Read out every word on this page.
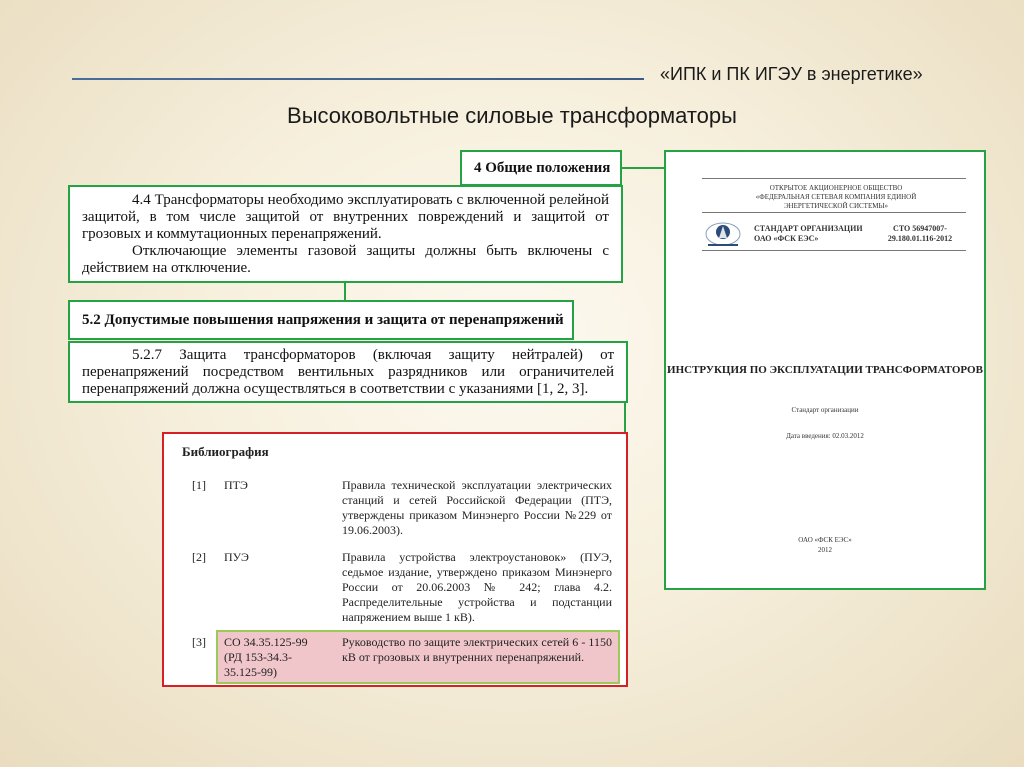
«ИПК и ПК ИГЭУ в энергетике»
Высоковольтные силовые трансформаторы
4 Общие положения
4.4 Трансформаторы необходимо эксплуатировать с включенной релейной защитой, в том числе защитой от внутренних повреждений и защитой от грозовых и коммутационных перенапряжений.
Отключающие элементы газовой защиты должны быть включены с действием на отключение.
5.2 Допустимые повышения напряжения и защита от перенапряжений
5.2.7 Защита трансформаторов (включая защиту нейтралей) от перенапряжений посредством вентильных разрядников или ограничителей перенапряжений должна осуществляться в соответствии с указаниями [1, 2, 3].
Библиография
[1] ПТЭ	Правила технической эксплуатации электрических станций и сетей Российской Федерации (ПТЭ, утверждены приказом Минэнерго России №229 от 19.06.2003).
[2] ПУЭ	Правила устройства электроустановок» (ПУЭ, седьмое издание, утверждено приказом Минэнерго России от 20.06.2003 № 242; глава 4.2. Распределительные устройства и подстанции напряжением выше 1 кВ).
[3] СО 34.35.125-99 (РД 153-34.3-35.125-99)
Руководство по защите электрических сетей 6 - 1150 кВ от грозовых и внутренних перенапряжений.
ОТКРЫТОЕ АКЦИОНЕРНОЕ ОБЩЕСТВО «ФЕДЕРАЛЬНАЯ СЕТЕВАЯ КОМПАНИЯ ЕДИНОЙ ЭНЕРГЕТИЧЕСКОЙ СИСТЕМЫ»
СТАНДАРТ ОРГАНИЗАЦИИ ОАО «ФСК ЕЭС»
СТО 56947007- 29.180.01.116-2012
ИНСТРУКЦИЯ ПО ЭКСПЛУАТАЦИИ ТРАНСФОРМАТОРОВ
Стандарт организации
Дата введения: 02.03.2012
ОАО «ФСК ЕЭС»
2012
